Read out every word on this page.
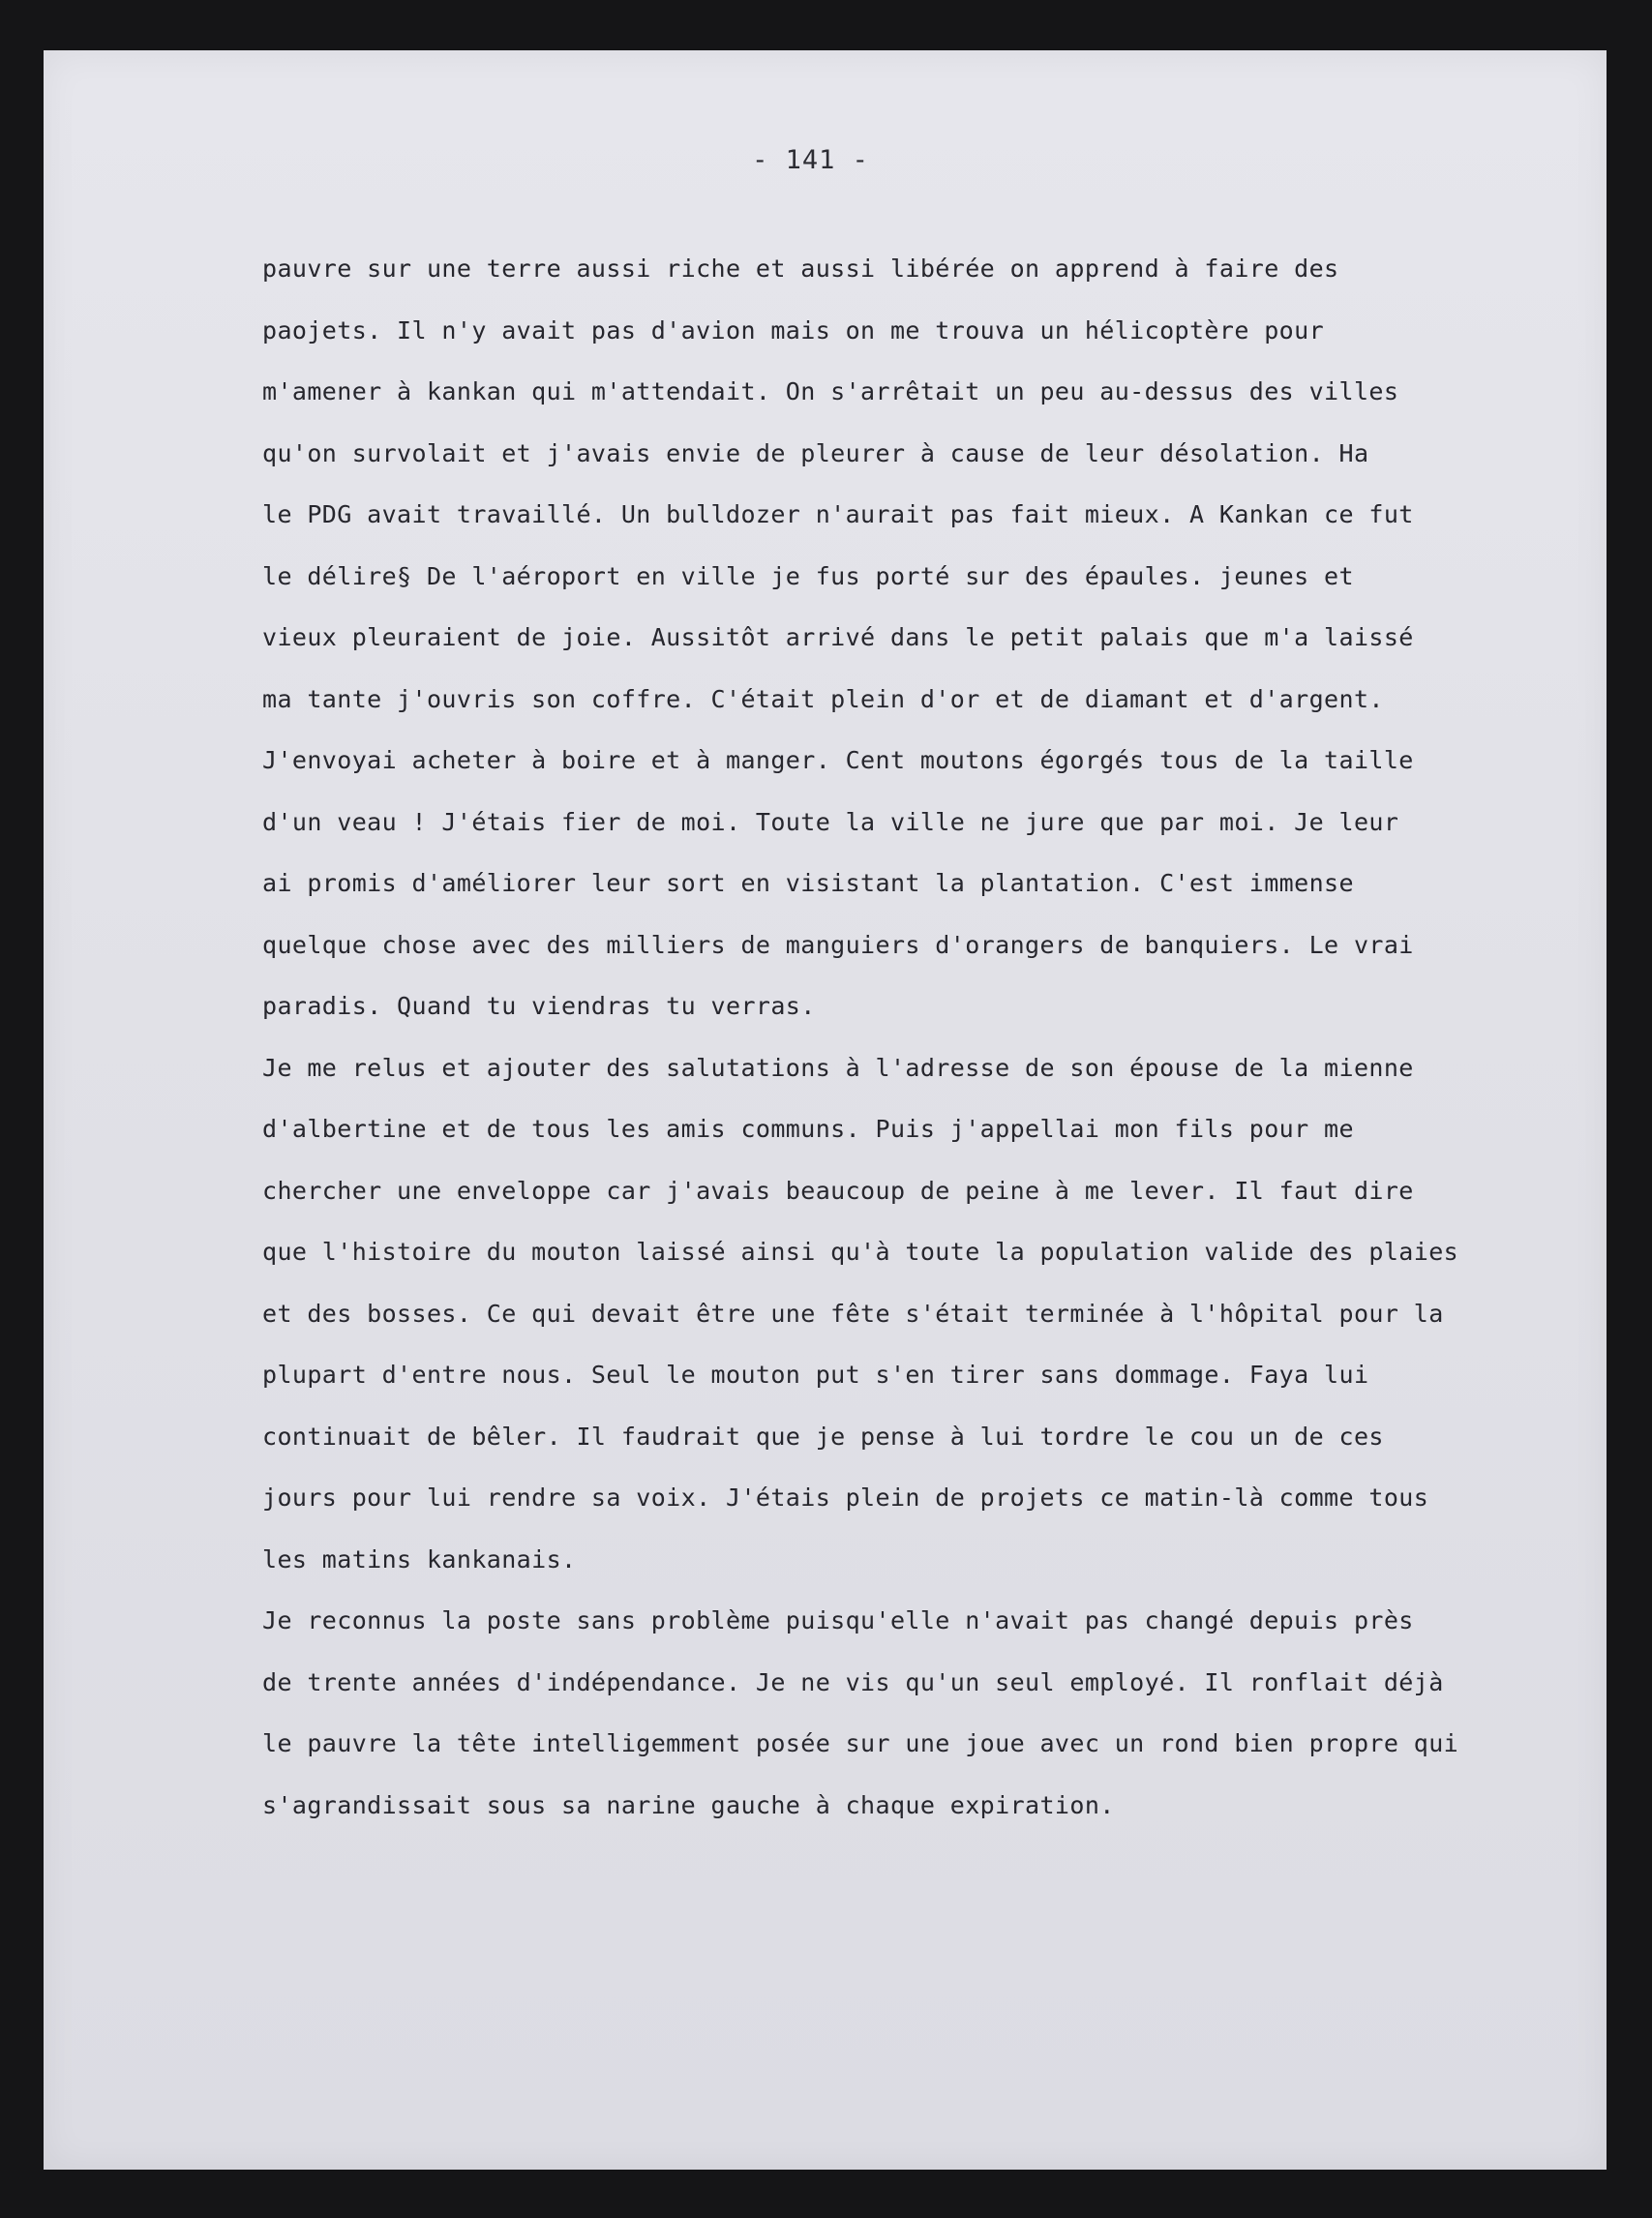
- 141 -
pauvre sur une terre aussi riche et aussi libérée on apprend à faire des
paojets. Il n'y avait pas d'avion mais on me trouva un hélicoptère pour
m'amener à kankan qui m'attendait. On s'arrêtait un peu au-dessus des villes
qu'on survolait et j'avais envie de pleurer à cause de leur désolation. Ha
le PDG avait travaillé. Un bulldozer n'aurait pas fait mieux. A Kankan ce fut
le délire§ De l'aéroport en ville je fus porté sur des épaules. jeunes et
vieux pleuraient de joie. Aussitôt arrivé dans le petit palais que m'a laissé
ma tante j'ouvris son coffre. C'était plein d'or et de diamant et d'argent.
J'envoyai acheter à boire et à manger. Cent moutons égorgés tous de la taille
d'un veau ! J'étais fier de moi. Toute la ville ne jure que par moi. Je leur
ai promis d'améliorer leur sort en visistant la plantation. C'est immense
quelque chose avec des milliers de manguiers d'orangers de banquiers. Le vrai
paradis. Quand tu viendras tu verras.
Je me relus et ajouter des salutations à l'adresse de son épouse de la mienne
d'albertine et de tous les amis communs. Puis j'appellai mon fils pour me
chercher une enveloppe car j'avais beaucoup de peine à me lever. Il faut dire
que l'histoire du mouton laissé ainsi qu'à toute la population valide des plaies
et des bosses. Ce qui devait être une fête s'était terminée à l'hôpital pour la
plupart d'entre nous. Seul le mouton put s'en tirer sans dommage. Faya lui
continuait de bêler. Il faudrait que je pense à lui tordre le cou un de ces
jours pour lui rendre sa voix. J'étais plein de projets ce matin-là comme tous
les matins kankanais.
Je reconnus la poste sans problème puisqu'elle n'avait pas changé depuis près
de trente années d'indépendance. Je ne vis qu'un seul employé. Il ronflait déjà
le pauvre la tête intelligemment posée sur une joue avec un rond bien propre qui
s'agrandissait sous sa narine gauche à chaque expiration.
